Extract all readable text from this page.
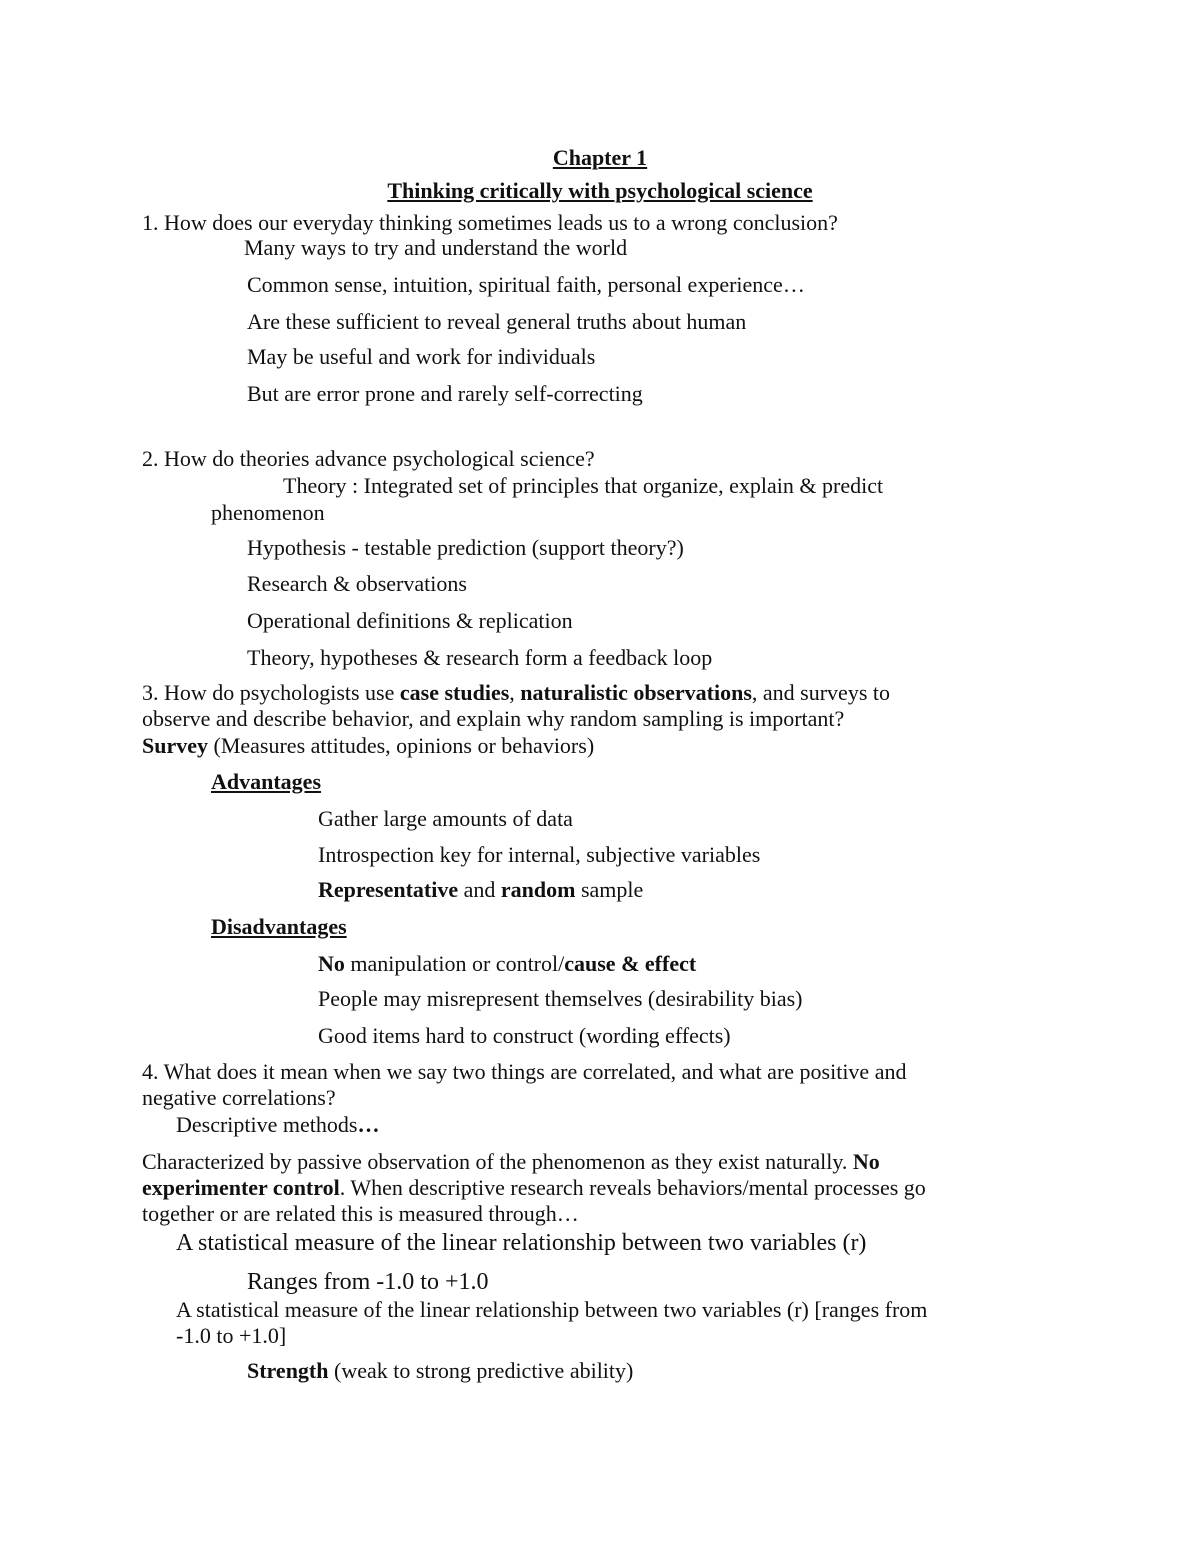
Chapter 1
Thinking critically with psychological science
1. How does our everyday thinking sometimes leads us to a wrong conclusion?
Many ways to try and understand the world
Common sense, intuition, spiritual faith, personal experience…
Are these sufficient to reveal general truths about human
May be useful and work for individuals
But are error prone and rarely self-correcting
2. How do theories advance psychological science?
Theory : Integrated set of principles that organize, explain & predict
phenomenon
Hypothesis - testable prediction (support theory?)
Research & observations
Operational definitions & replication
Theory, hypotheses & research form a feedback loop
3. How do psychologists use case studies, naturalistic observations, and surveys to
observe and describe behavior, and explain why random sampling is important?
Survey (Measures attitudes, opinions or behaviors)
Advantages
Gather large amounts of data
Introspection key for internal, subjective variables
Representative and random sample
Disadvantages
No manipulation or control/cause & effect
People may misrepresent themselves (desirability bias)
Good items hard to construct (wording effects)
4. What does it mean when we say two things are correlated, and what are positive and
negative correlations?
Descriptive methods…
Characterized by passive observation of the phenomenon as they exist naturally. No
experimenter control. When descriptive research reveals behaviors/mental processes go
together or are related this is measured through…
A statistical measure of the linear relationship between two variables (r)
Ranges from -1.0 to +1.0
A statistical measure of the linear relationship between two variables (r) [ranges from
-1.0 to +1.0]
Strength (weak to strong predictive ability)
